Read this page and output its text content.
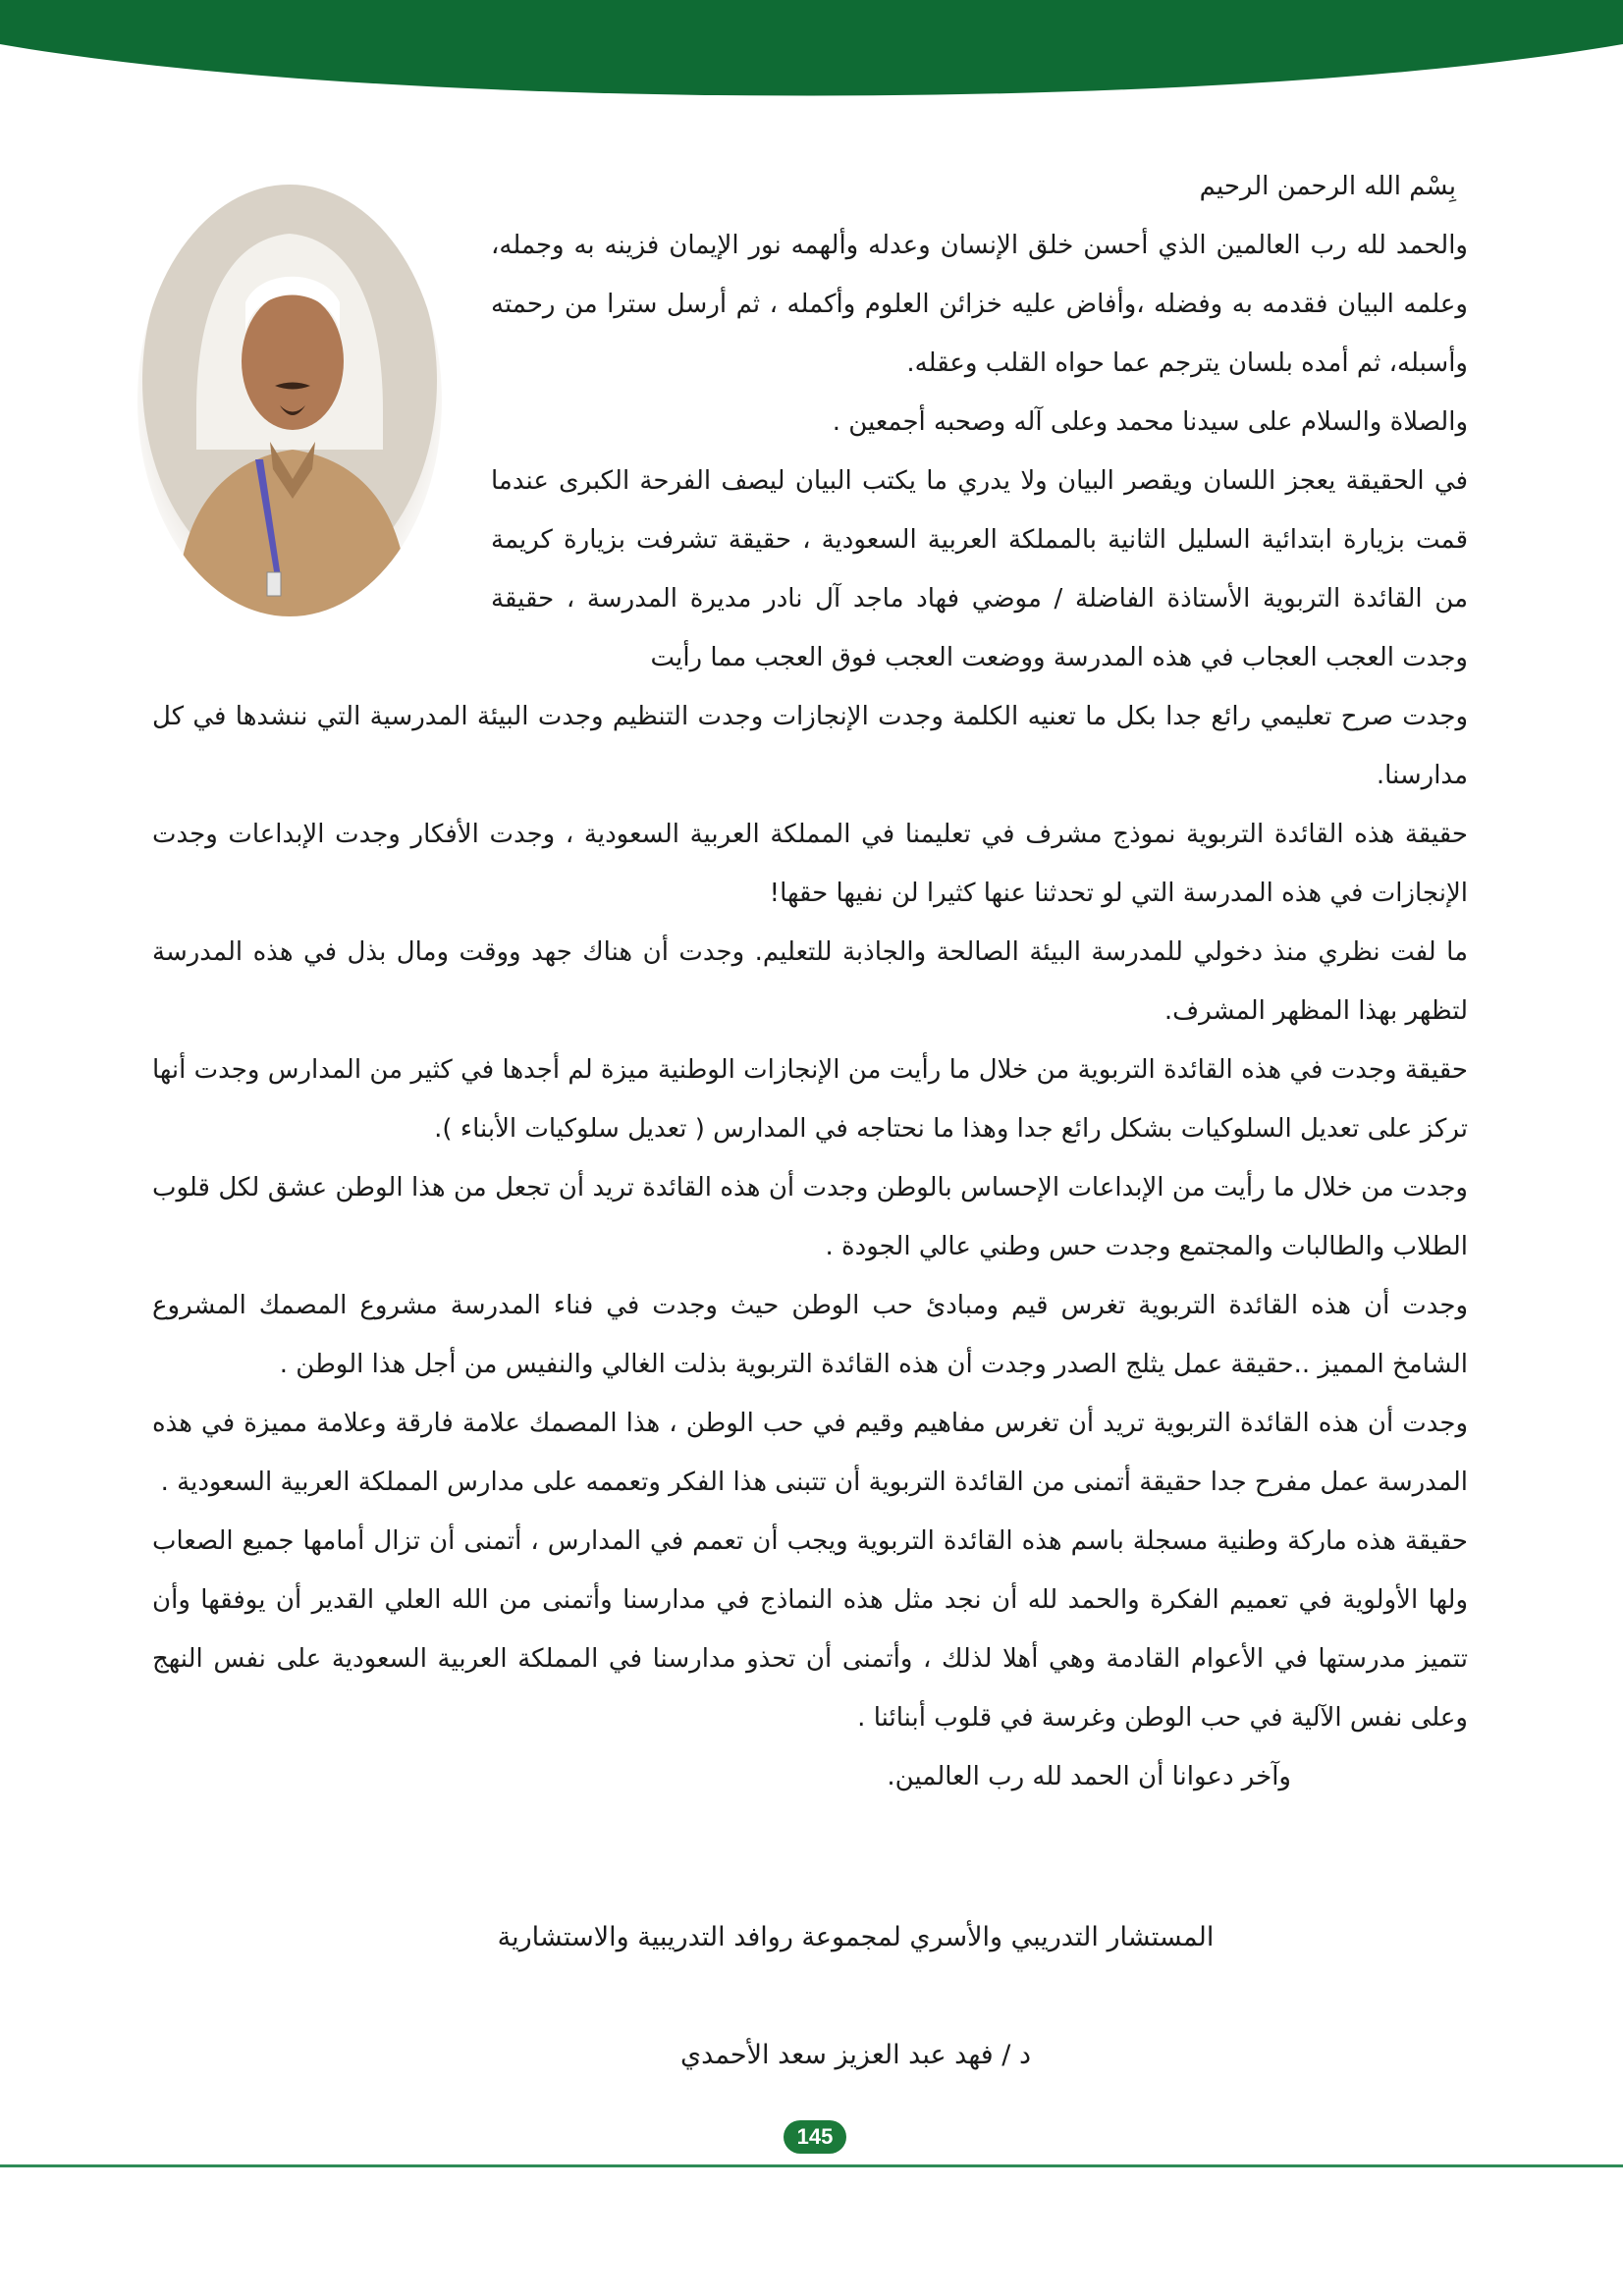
بِسْم الله الرحمن الرحيم
والحمد لله رب العالمين الذي أحسن خلق الإنسان وعدله وألهمه نور الإيمان فزينه به وجمله، وعلمه البيان فقدمه به وفضله ،وأفاض عليه خزائن العلوم وأكمله ، ثم أرسل سترا من رحمته وأسبله، ثم أمده بلسان يترجم عما حواه القلب وعقله.
والصلاة والسلام على سيدنا محمد وعلى آله وصحبه أجمعين .
في الحقيقة يعجز اللسان ويقصر البيان ولا يدري ما يكتب البيان ليصف الفرحة الكبرى عندما قمت بزيارة ابتدائية السليل الثانية بالمملكة العربية السعودية ، حقيقة تشرفت بزيارة كريمة من القائدة التربوية الأستاذة الفاضلة / موضي فهاد ماجد آل نادر مديرة المدرسة ، حقيقة وجدت العجب العجاب في هذه المدرسة ووضعت العجب فوق العجب مما رأيت
وجدت صرح تعليمي رائع جدا بكل ما تعنيه الكلمة وجدت الإنجازات وجدت التنظيم وجدت البيئة المدرسية التي ننشدها في كل مدارسنا.
حقيقة هذه القائدة التربوية نموذج مشرف في تعليمنا في المملكة العربية السعودية ، وجدت الأفكار وجدت الإبداعات وجدت الإنجازات في هذه المدرسة التي لو تحدثنا عنها كثيرا لن نفيها حقها!
ما لفت نظري منذ دخولي للمدرسة البيئة الصالحة والجاذبة للتعليم. وجدت أن هناك جهد ووقت ومال بذل في هذه المدرسة لتظهر بهذا المظهر المشرف.
حقيقة وجدت في هذه القائدة التربوية من خلال ما رأيت من الإنجازات الوطنية ميزة لم أجدها في كثير من المدارس وجدت أنها تركز على تعديل السلوكيات بشكل رائع جدا وهذا ما نحتاجه في المدارس ( تعديل سلوكيات الأبناء ).
وجدت من خلال ما رأيت من الإبداعات الإحساس بالوطن وجدت أن هذه القائدة تريد أن تجعل من هذا الوطن عشق لكل قلوب الطلاب والطالبات والمجتمع وجدت حس وطني عالي الجودة .
وجدت أن هذه القائدة التربوية تغرس قيم ومبادئ حب الوطن حيث وجدت في فناء المدرسة مشروع المصمك المشروع الشامخ المميز ..حقيقة عمل يثلج الصدر وجدت أن هذه القائدة التربوية بذلت الغالي والنفيس من أجل هذا الوطن .
وجدت أن هذه القائدة التربوية تريد أن تغرس مفاهيم وقيم في حب الوطن ، هذا المصمك علامة فارقة وعلامة مميزة في هذه المدرسة عمل مفرح جدا حقيقة أتمنى من القائدة التربوية أن تتبنى هذا الفكر وتعممه على مدارس المملكة العربية السعودية .
حقيقة هذه ماركة وطنية مسجلة باسم هذه القائدة التربوية ويجب أن تعمم في المدارس ، أتمنى أن تزال أمامها جميع الصعاب ولها الأولوية في تعميم الفكرة والحمد لله أن نجد مثل هذه النماذج في مدارسنا وأتمنى من الله العلي القدير أن يوفقها وأن تتميز مدرستها في الأعوام القادمة وهي أهلا لذلك ، وأتمنى أن تحذو مدارسنا في المملكة العربية السعودية على نفس النهج وعلى نفس الآلية في حب الوطن وغرسة في قلوب أبنائنا .
وآخر دعوانا أن الحمد لله رب العالمين.
المستشار التدريبي والأسري لمجموعة روافد التدريبية والاستشارية
د / فهد عبد العزيز سعد الأحمدي
145
